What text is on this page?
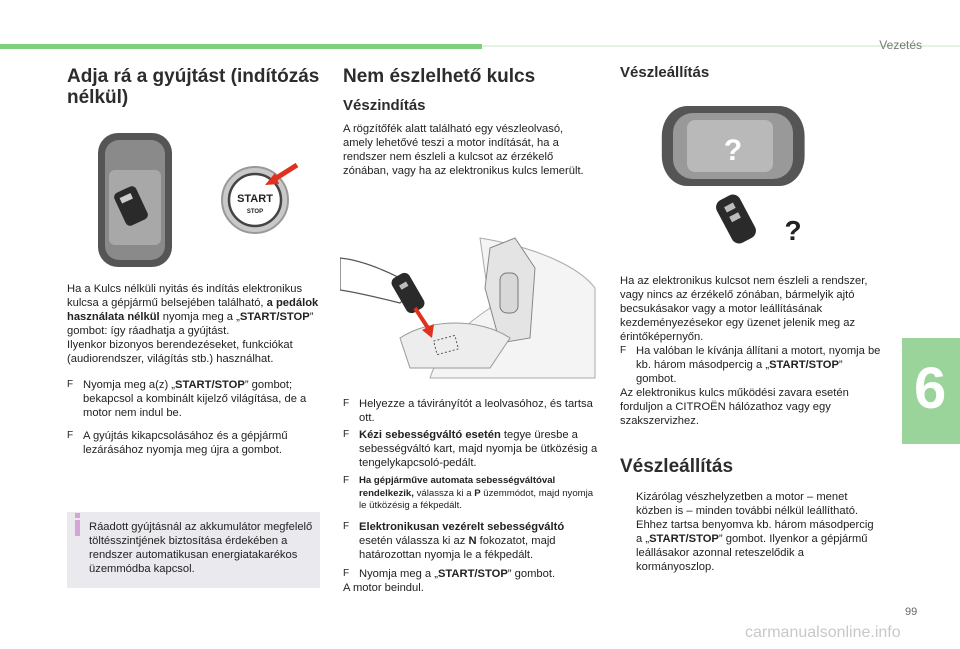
Vezetés
Adja rá a gyújtást (indítózás nélkül)
START
STOP

Ha a Kulcs nélküli nyitás és indítás elektronikus kulcsa a gépjármű belsejében található, a pedálok használata nélkül nyomja meg a „START/STOP” gombot: így ráadhatja a gyújtást.

Ilyenkor bizonyos berendezéseket, funkciókat (audiorendszer, világítás stb.) használhat.

F Nyomja meg a(z) „START/STOP” gombot; bekapcsol a kombinált kijelző világítása, de a motor nem indul be.

F A gyújtás kikapcsolásához és a gépjármű lezárásához nyomja meg újra a gombot.

Ráadott gyújtásnál az akkumulátor megfelelő töltésszintjének biztosítása érdekében a rendszer automatikusan energiatakarékos üzemmódba kapcsol.
Nem észlelhető kulcs
Vészindítás

A rögzítőfék alatt található egy vészleolvasó, amely lehetővé teszi a motor indítását, ha a rendszer nem észleli a kulcsot az érzékelő zónában, vagy ha az elektronikus kulcs lemerült.

F Helyezze a távirányítót a leolvasóhoz, és tartsa ott.

F Kézi sebességváltó esetén tegye üresbe a sebességváltó kart, majd nyomja be ütközésig a tengelykapcsoló-pedált.

F Ha gépjárműve automata sebességváltóval rendelkezik, válassza ki a P üzemmódot, majd nyomja le ütközésig a fékpedált.

F Elektronikusan vezérelt sebességváltó esetén válassza ki az N fokozatot, majd határozottan nyomja le a fékpedált.

F Nyomja meg a „START/STOP” gombot.

A motor beindul.

Vészleállítás
?
?

Ha az elektronikus kulcsot nem észleli a rendszer, vagy nincs az érzékelő zónában, bármelyik ajtó becsukásakor vagy a motor leállításának kezdeményezésekor egy üzenet jelenik meg az érintőképernyőn.

F Ha valóban le kívánja állítani a motort, nyomja be kb. három másodpercig a „START/STOP” gombot.

Az elektronikus kulcs működési zavara esetén forduljon a CITROËN hálózathoz vagy egy szakszervizhez.

Vészleállítás

Kizárólag vészhelyzetben a motor – menet közben is – minden további nélkül leállítható. Ehhez tartsa benyomva kb. három másodpercig a „START/STOP” gombot. Ilyenkor a gépjármű leállásakor azonnal reteszelődik a kormányoszlop.

6
99
carmanualsonline.info
